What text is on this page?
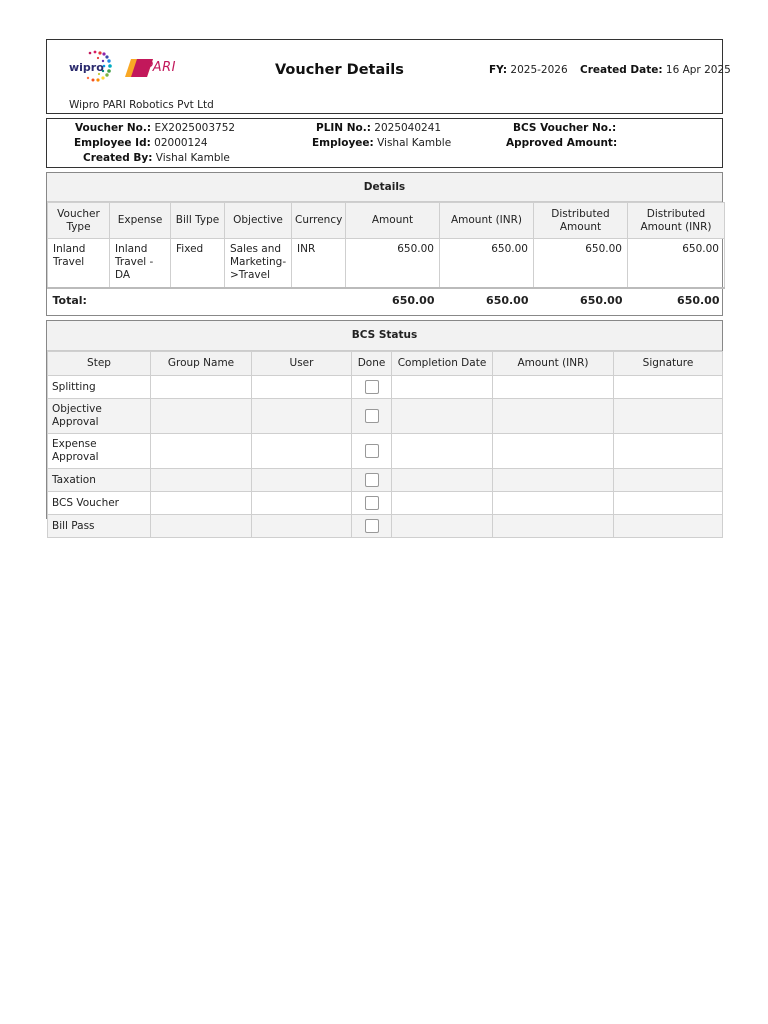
wipro	PARI
Wipro PARI Robotics Pvt Ltd
Voucher Details	FY: 2025-2026 Created Date: 16 Apr 2025
Voucher No.: EX2025003752
Employee Id: 02000124
Created By: Vishal Kamble
PLIN No.: 2025040241
Employee: Vishal Kamble
BCS Voucher No.:
Approved Amount:
Details
Voucher Type	Expense	Bill Type	Objective	Currency	Amount	Amount (INR)	Distributed Amount	Distributed Amount (INR)
Inland Travel	Inland Travel - DA	Fixed	Sales and Marketing->Travel	INR	650.00	650.00	650.00	650.00
Total:					650.00	650.00	650.00	650.00
BCS Status
Step	Group Name	User	Done	Completion Date	Amount (INR)	Signature
Splitting			

Objective Approval			

Expense Approval			

Taxation			

BCS Voucher			

Bill Pass			
